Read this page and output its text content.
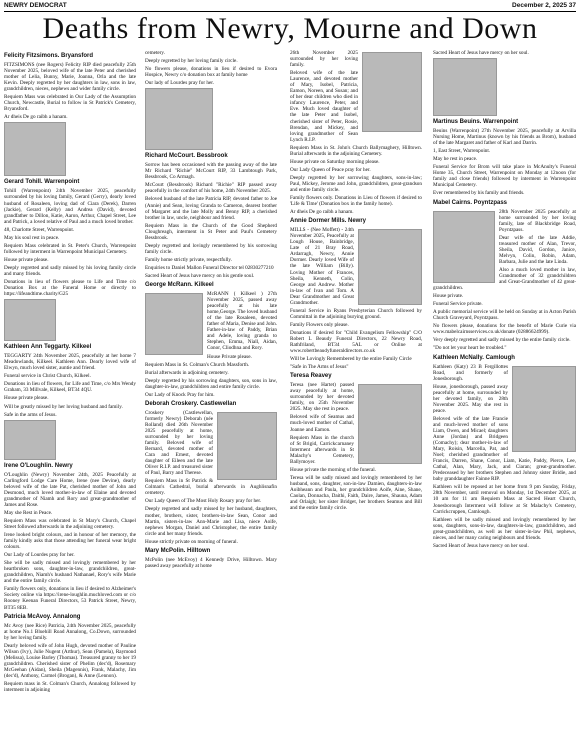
NEWRY DEMOCRAT	December 2, 2025 37
Deaths from Newry, Mourne and Down
Felicity Fitzsimons. Bryansford

FITZSIMONS (nee Rogers) Felicity RIP died peacefully 25th November 2025, beloved wife of the late Peter and cherished mother of Lelia, Bunny, Marie, Joanna, Orla and the late Kevin. Deeply regretted by her daughters in law, sons in law, grandchildren, nieces, nephews and wider family circle.

Requiem Mass was celebrated in Our Lady of the Assumption Church, Newcastle, Burial to follow in St Patrick's Cemetery, Bryansford.

Ar dheis De go raibh a hanam.

Gerard Tohill. Warrenpoint

Tohill (Warrenpoint) 24th November 2025, peacefully surrounded by his loving family, Gerard (Gerry), dearly loved husband of Rosaleen, loving dad of Ciara (Derek), Darren (Jackie), Gerard (Kelly) and Andrea (David), devoted grandfather to Dillon, Katie, Aaron, Arthur, Chapel Street, Lee and Patrick, a loved relative of Paul and a much loved brother.

48, Charlotte Street, Warrenpoint.

May his soul rest in peace.

Requiem Mass celebrated in St. Peter's Church, Warrenpoint followed by interment in Warrenpoint Municipal Cemetery.

House private please.

Deeply regretted and sadly missed by his loving family circle and many friends.

Donations in lieu of flowers please to Life and Time c/o Donation Box at the Funeral Home or directly to https://lifeandtime.charity/G25

Kathleen Ann Teggarty. Kilkeel

TEGGARTY 24th November 2025, peacefully at her home 7 Meadowlands, Kilkeel. Kathleen Ann. Dearly loved wife of Elwyn, much loved sister, auntie and friend.

Funeral service in Christ Church, Kilkeel.

Donations in lieu of flowers, for Life and Time, c/o Mrs Wendy Graham, 33 Millvale, Kilkeel, BT34 4QU.

House private please.

Will be greatly missed by her loving husband and family.

Safe in the arms of Jesus.

Irene O'Loughlin. Newry

O'Loughlin (Newry) November 24th, 2025 Peacefully at Carlingford Lodge Care Home, Irene (nee Devine), dearly beloved wife of the late Pat, cherished mother of John and Desmond, much loved mother-in-law of Elaine and devoted grandmother of Niamh and Rory and great-grandmother of James and Rose.

May she Rest in Peace.

Requiem Mass was celebrated in St Mary's Church, Chapel Street followed afterwards in the adjoining cemetery.

Irene looked bright colours, and in honour of her memory, the family kindly asks that those attending her funeral wear bright colours.

Our Lady of Lourdes pray for her.

She will be sadly missed and lovingly remembered by her heartbroken sons, daughter-in-law, grandchildren, great-grandchildren, Niamh's husband Nathanael, Rory's wife Marie and the entire family circle.

Family flowers only, donations in lieu if desired to Alzheimer's Society online via https://irene-loughlin.muchloved.com or c/o Rooney Keenan Funeral Directors, 53 Patrick Street, Newry, BT35 8EB.

Patricia McAvoy. Annalong

Mc Avoy (nee Rice) Patricia, 24th November 2025, peacefully at home No.1 Bluehill Road Annalong, Co.Down, surrounded by her loving family.

Dearly beloved wife of John Hugh, devoted mother of Pauline Wilson (Ivy), Julie Nugent (Arthur), Sean (Pamela), Raymond (Melissa), Louise Barley (Thomas). Treasured granny to her 19 grandchildren. Cherished sister of Phelim (dec'd), Rosemary McGeehan (Aidan), Sheila (Magennis), Frank, Malachy, Jim (dec'd), Anthony, Carmel (Brogan), & Anne (Lennon).

Requiem mass in St. Colman's Church, Annalong followed by interment in adjoining

cemetery.

Deeply regretted by her loving family circle.

No flowers please, donations in lieu if desired to Evora Hospice, Newry c/o donation box at family home

Our lady of Lourdes pray for her.

Richard McCourt. Bessbrook

Sorrow has been occasioned with the passing away of the late Mr Richard "Richie" McCourt RIP, 33 Lambtough Park, Bessbrook, Co Armagh.

McCourt (Bessbrook) Richard "Richie" RIP passed away peacefully in the comfort of his home, 24th November 2025.

Beloved husband of the late Patricia RIP, devoted father to Joe (Annie) and Sean, loving Granda to Cameron, dearest brother of Margaret and the late Molly and Benny RIP, a cherished brother in law, uncle, neighbour and friend.

Requiem Mass in the Church of the Good Shepherd Cloughreagh, interment in St Peter and Paul's Cemetery Bessbrook.

Deeply regretted and lovingly remembered by his sorrowing family circle.

Family home strictly private, respectfully.

Enquiries to Daniel Mallon Funeral Director tel 02830277210

Sacred Heart of Jesus have mercy on his gentle soul.

George McRann. Kilkeel

McRANN ( Kilkeel ) 27th November 2025, passed away peacefully at his late home,George. The loved husband of the late Rosaleen, devoted father of Maria, Denise and John. Father-in-law of Paddy, Brian and Adele, loving granda to Stephen, Emma, Niall, Aidan, Conor, Cliodhna and Rory.

House Private please.

Requiem Mass in St. Colman's Church Massforth.

Burial afterwards in adjoining cemetery.

Deeply regretted by his sorrowing daughters, son, sons in law, daughter-in-law, grandchildren and entire family circle.

Our Lady of Knock Pray for him.

Deborah Croskery. Castlewellan

Croskery (Castlewellan, formerly Newry) Deborah (née Rolland) died 26th November 2025 peacefully at home, surrounded by her loving family. Beloved wife of Bernard, devoted mother of Cara and Ernest, devoted daughter of Eileen and the late Oliver R.I.P. and treasured sister of Paul, Barry and Therese.

Requiem Mass in St Patrick & Colman's Cathedral, burial afterwards in Aughlisnafin cemetery.

Our Lady Queen of The Most Holy Rosary pray for her.

Deeply regretted and sadly missed by her husband, daughters, mother, brothers, sister, brothers-in-law Sean, Conor and Martin, sisters-in-law Ann-Marie and Lisa, niece Aoife, nephews Morgan, Daniel and Christopher, the entire family circle and her many friends.

House strictly private on morning of funeral.

Mary McPolin. Hilltown

McPolin (nee McEvoy) 4 Kennedy Drive, Hilltown. Mary passed away peacefully at home

26th November 2025 surrounded by her loving family.

Beloved wife of the late Laurence, and devoted mother of Mary, Isobel, Patricia, Eamon, Noreen, and Susan; and of her dear children who died in infancy Laurence, Peter, and Eve. Much loved daughter of the late Peter and Isobel, cherished sister of Peter, Rosie, Brendan, and Mickey, and loving grandmother of Sean Lynch R.I.P.

Requiem Mass in St. John's Church Ballymaghery, Hilltown. Burial afterwards in the adjoining Cemetery.

House private on Saturday morning please.

Our Lady Queen of Peace pray for her.

Deeply regretted by her sorrowing daughters, sons-in-law; Paul, Mickey, Jerome and John, grandchildren, great-grandson and entire family circle.

Family flowers only. Donations in Lieu of flowers if desired to 'Life & Time' (Donation box in the family home).

Ar dheis De go raibh a hanam.

Annie Dormer Mills. Newry

MILLS - (Nee Moffett) - 24th November 2025, Peacefully at Lough House, Bainbridge, Late of 21 Bray Road, Ardarragh, Newry, Annie Dormer. Dearly loved Wife of the late William (Billy). Loving Mother of Frances, Sheila, Kenneth, Colin, George and Andrew. Mother in-law of Ivan and Tom. A Dear Grandmother and Great Grandmother.

Funeral Service in Ryans Presbyterian Church followed by Committal in the adjoining burying ground.

Family Flowers only please.

Donations if desired for "Child Evangelism Fellowship" C/O Robert L Beaudy Funeral Directors, 22 Newry Road, Rathfriland, BT34 5AL or Online at www.robertbeaudyfuneraldirectors.co.uk

Will be Lovingly Remembered by the entire Family Circle

"Safe in The Arms of Jesus"

Teresa Reavey

Teresa (nee Hartet) passed away peacefully at home, surrounded by her devoted family, on 25th November 2025. May she rest in peace.

Beloved wife of Seamus and much-loved mother of Cathal, Joanne and Eamon.

Requiem Mass in the church of St Brigid, Carrickcarnaney Interment afterwards in St Malachy's Cemetery, Ballymoyer.

House private the morning of the funeral.

Teresa will be sadly missed and lovingly remembered by her husband, sons, daughter, son-in-law Damien, daughters-in-law Aoibheann and Paula, her grandchildren Aoife, Aine, Shane, Caolan, Donnacha, Daithi, Faith, Daire, James, Shauna, Adam and Orlaigh; her sister Bridget, her brothers Seamus and Bill and the entire family circle.

Sacred Heart of Jesus have mercy on her soul.

Martinus Beuins. Warrenpoint

Beuins (Warrenpoint) 27th November 2025, peacefully at Arvilla Nursing Home, Martinus (known by his friends as Brom), husband of the late Margaret and father of Karl and Darrin.

1, East Street, Warrenpoint.

May he rest in peace.

Funeral Service for Brom will take place in McAnulty's Funeral Home 35, Church Street, Warrenpoint on Monday at 12noon (for family and close friends) followed by interment in Warrenpoint Municipal Cemetery.

Ever remembered by his family and friends.

Mabel Cairns. Poyntzpass

28th November 2025 peacefully at home surrounded by her loving family, late of Blackbridge Road, Poyntzpass.

Dear wife of the late Addie, treasured mother of Alan, Trevor, Sheila, David, Gordon, Janice, Melvyn, Colin, Robin, Adam, Barbara, Julie and the late Linda.

Also a much loved mother in law, Grandmother of 32 grandchildren and Great-Grandmother of 42 great-grandchildren.

House private.

Funeral Service private.

A public memorial service will be held on Sunday at in Acton Parish Church Graveyard, Poyntzpass.

No flowers please, donations for the benefit of Marie Curie via www.mabelcairnsservices.co.uk/donate (02886624999).

Very deeply regretted and sadly missed by the entire family circle.

"Do not let your heart be troubled."

Kathleen McNally. Camlough

Kathleen (Katy) 23 B Fergillottes Road, and formerly of Jonesborough.

House, jonesborough, passed away peacefully at home, surrounded by her devoted family, on 28th November 2025. May she rest in peace.

Beloved wife of the late Francie and much-loved mother of sons Liam, Owen, and Micael; daughters Anne (Jordan) and Bridgeen (Comachy); dear mother-in-law of Mary, Roisin, Marcella, Pat, and Noel; cherished grandmother of Francis, Darren, Shane, Conor, Liam, Katie, Paddy, Pierce, Lee, Cathal, Alan, Mary, Jack, and Ciaran; great-grandmother. Predeceased by her brothers Stephen and Johnny sister Bridie, and baby granddaughter Fainne RIP.

Kathleen will be reposed at her home from 9 pm Sunday, Friday, 28th November, until removal on Monday, 1st December 2025, at 10 am for 11 am Requiem Mass at Sacred Heart Church, Jonesborough Interment will follow at St Malachy's Cemetery, Carrickcruppen, Camlough.

Kathleen will be sadly missed and lovingly remembered by her sons, daughters, sons-in-law, daughters-in-law, grandchildren, and great-grandchildren, as well as her sister-in-law Phil, nephews, nieces, and her many caring neighbours and friends.

Sacred Heart of Jesus have mercy on her soul.
